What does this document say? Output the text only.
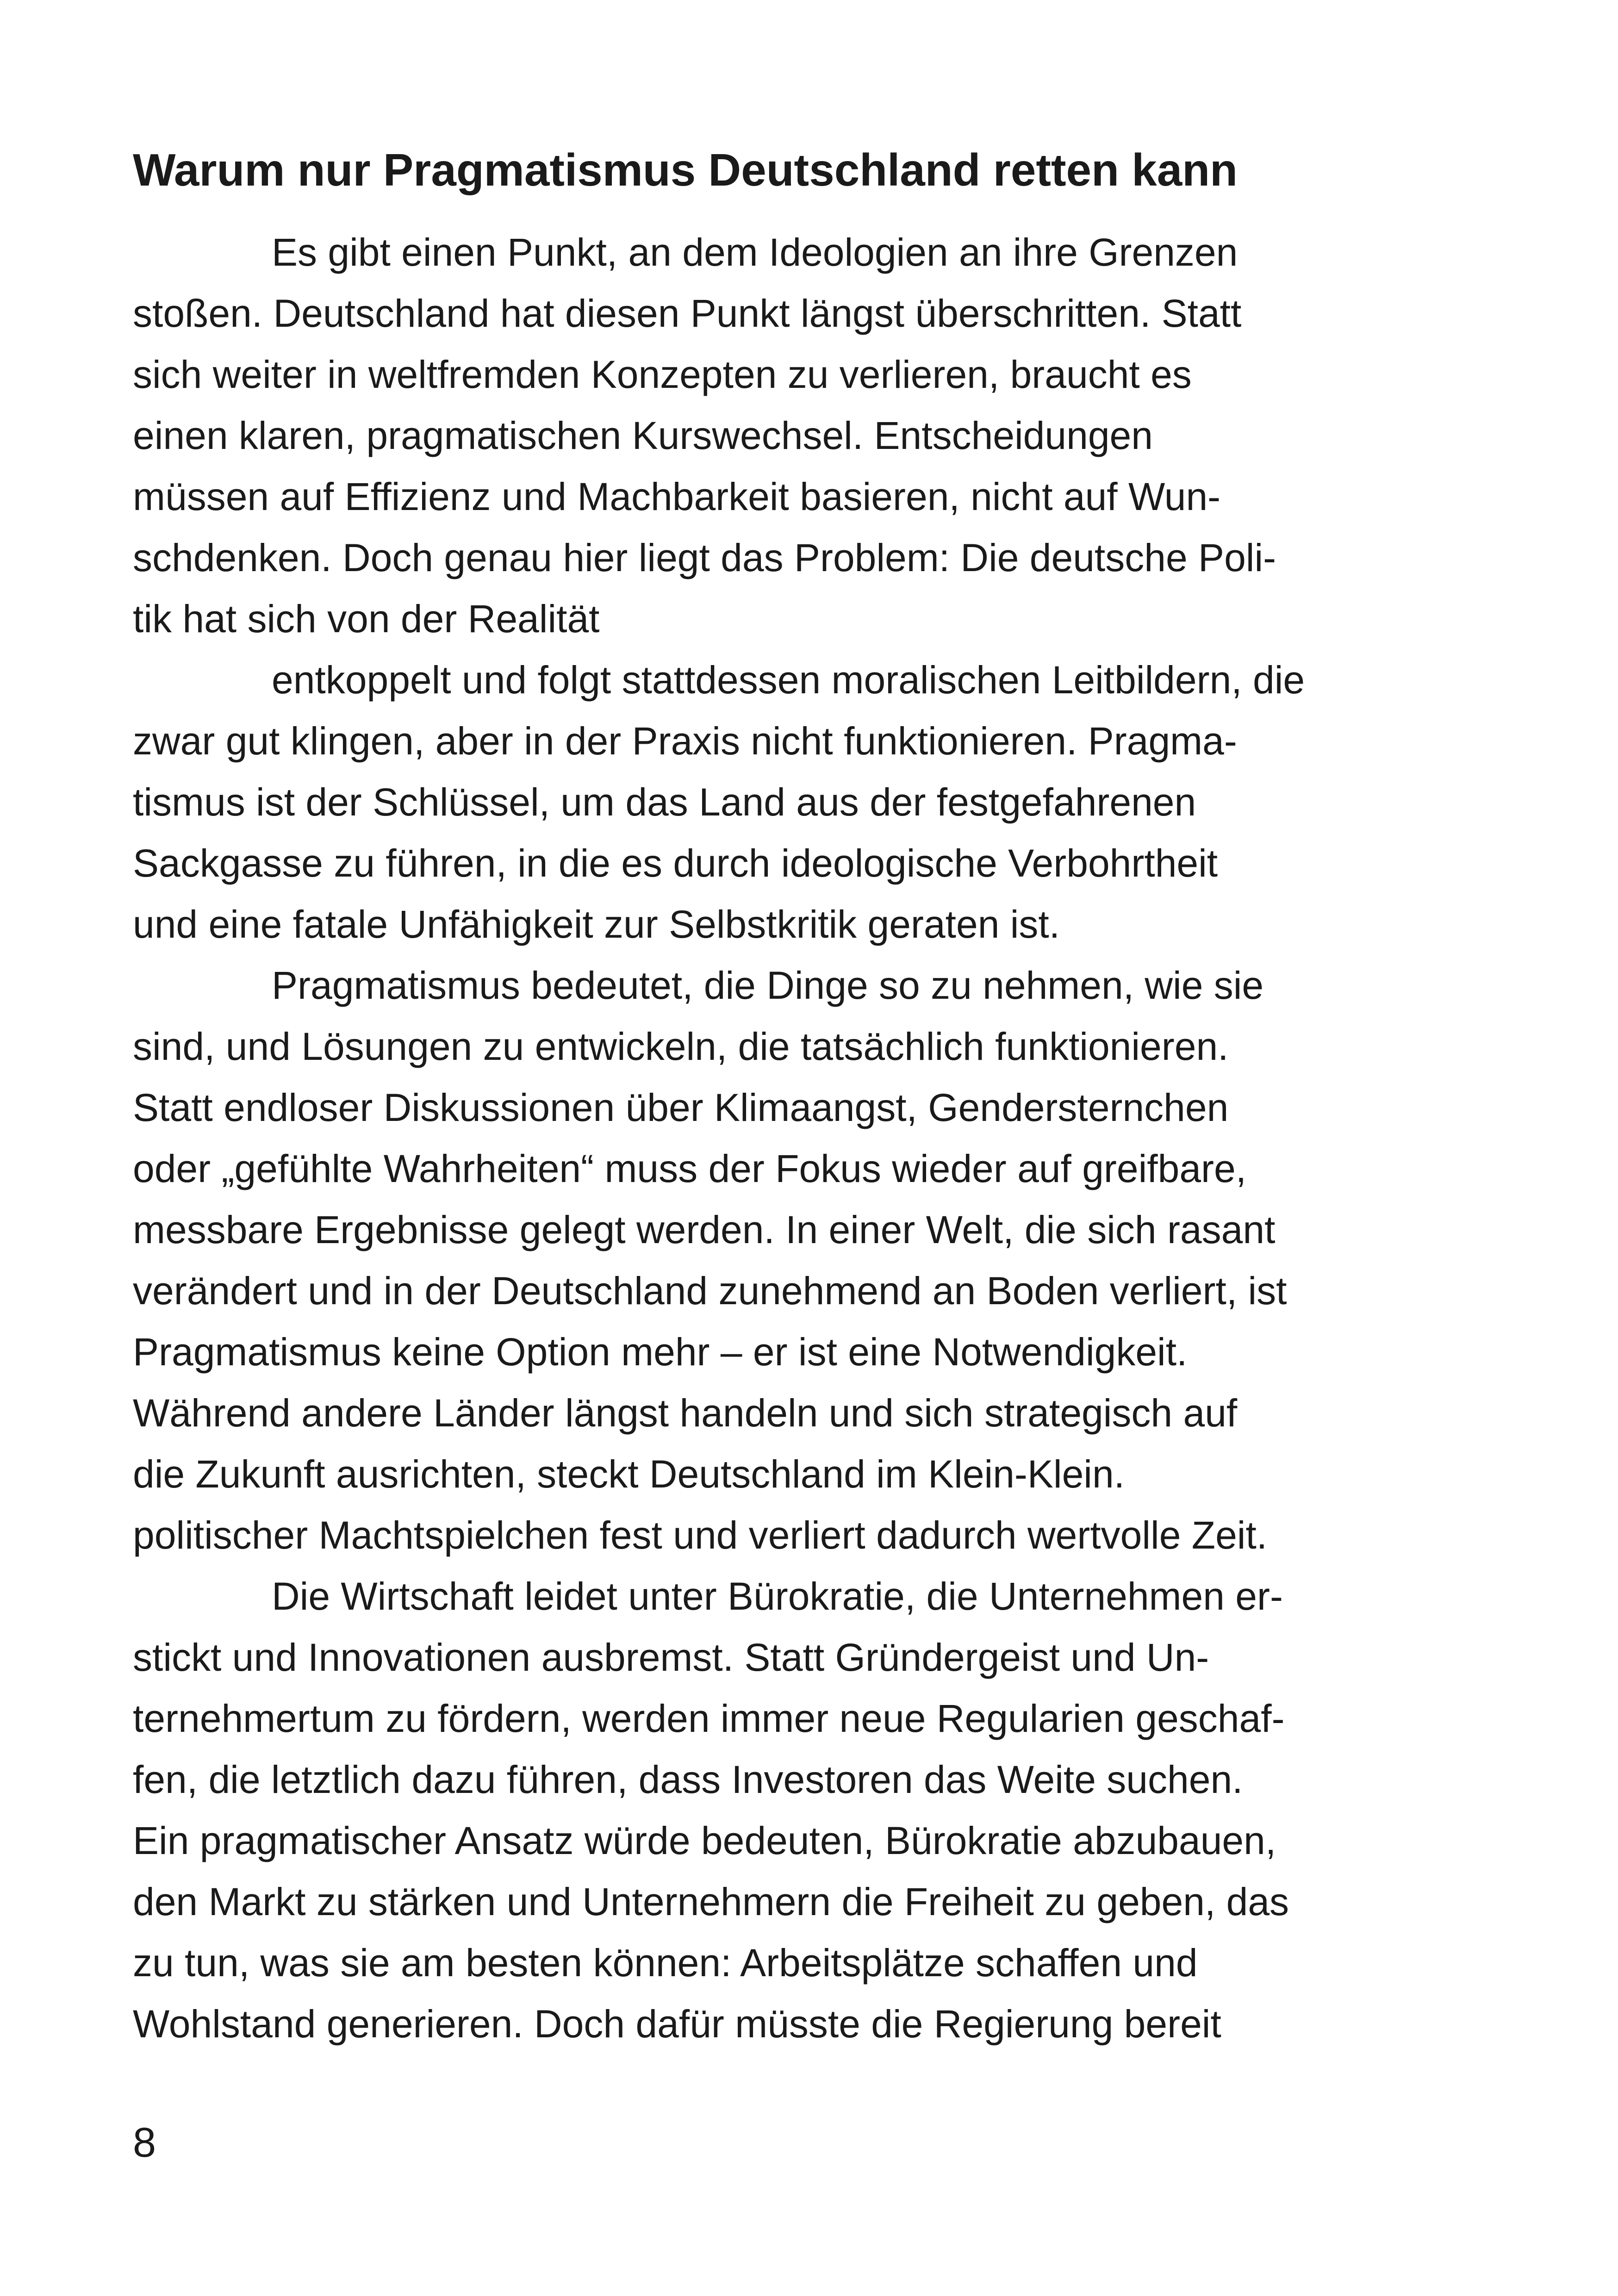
Warum nur Pragmatismus Deutschland retten kann
Es gibt einen Punkt, an dem Ideologien an ihre Grenzen
stoßen. Deutschland hat diesen Punkt längst überschritten. Statt
sich weiter in weltfremden Konzepten zu verlieren, braucht es
einen klaren, pragmatischen Kurswechsel. Entscheidungen
müssen auf Effizienz und Machbarkeit basieren, nicht auf Wun-
schdenken. Doch genau hier liegt das Problem: Die deutsche Poli-
tik hat sich von der Realität
entkoppelt und folgt stattdessen moralischen Leitbildern, die
zwar gut klingen, aber in der Praxis nicht funktionieren. Pragma-
tismus ist der Schlüssel, um das Land aus der festgefahrenen
Sackgasse zu führen, in die es durch ideologische Verbohrtheit
und eine fatale Unfähigkeit zur Selbstkritik geraten ist.
Pragmatismus bedeutet, die Dinge so zu nehmen, wie sie
sind, und Lösungen zu entwickeln, die tatsächlich funktionieren.
Statt endloser Diskussionen über Klimaangst, Gendersternchen
oder „gefühlte Wahrheiten“ muss der Fokus wieder auf greifbare,
messbare Ergebnisse gelegt werden. In einer Welt, die sich rasant
verändert und in der Deutschland zunehmend an Boden verliert, ist
Pragmatismus keine Option mehr – er ist eine Notwendigkeit.
Während andere Länder längst handeln und sich strategisch auf
die Zukunft ausrichten, steckt Deutschland im Klein-Klein.
politischer Machtspielchen fest und verliert dadurch wertvolle Zeit.
Die Wirtschaft leidet unter Bürokratie, die Unternehmen er-
stickt und Innovationen ausbremst. Statt Gründergeist und Un-
ternehmertum zu fördern, werden immer neue Regularien geschaf-
fen, die letztlich dazu führen, dass Investoren das Weite suchen.
Ein pragmatischer Ansatz würde bedeuten, Bürokratie abzubauen,
den Markt zu stärken und Unternehmern die Freiheit zu geben, das
zu tun, was sie am besten können: Arbeitsplätze schaffen und
Wohlstand generieren. Doch dafür müsste die Regierung bereit
8
